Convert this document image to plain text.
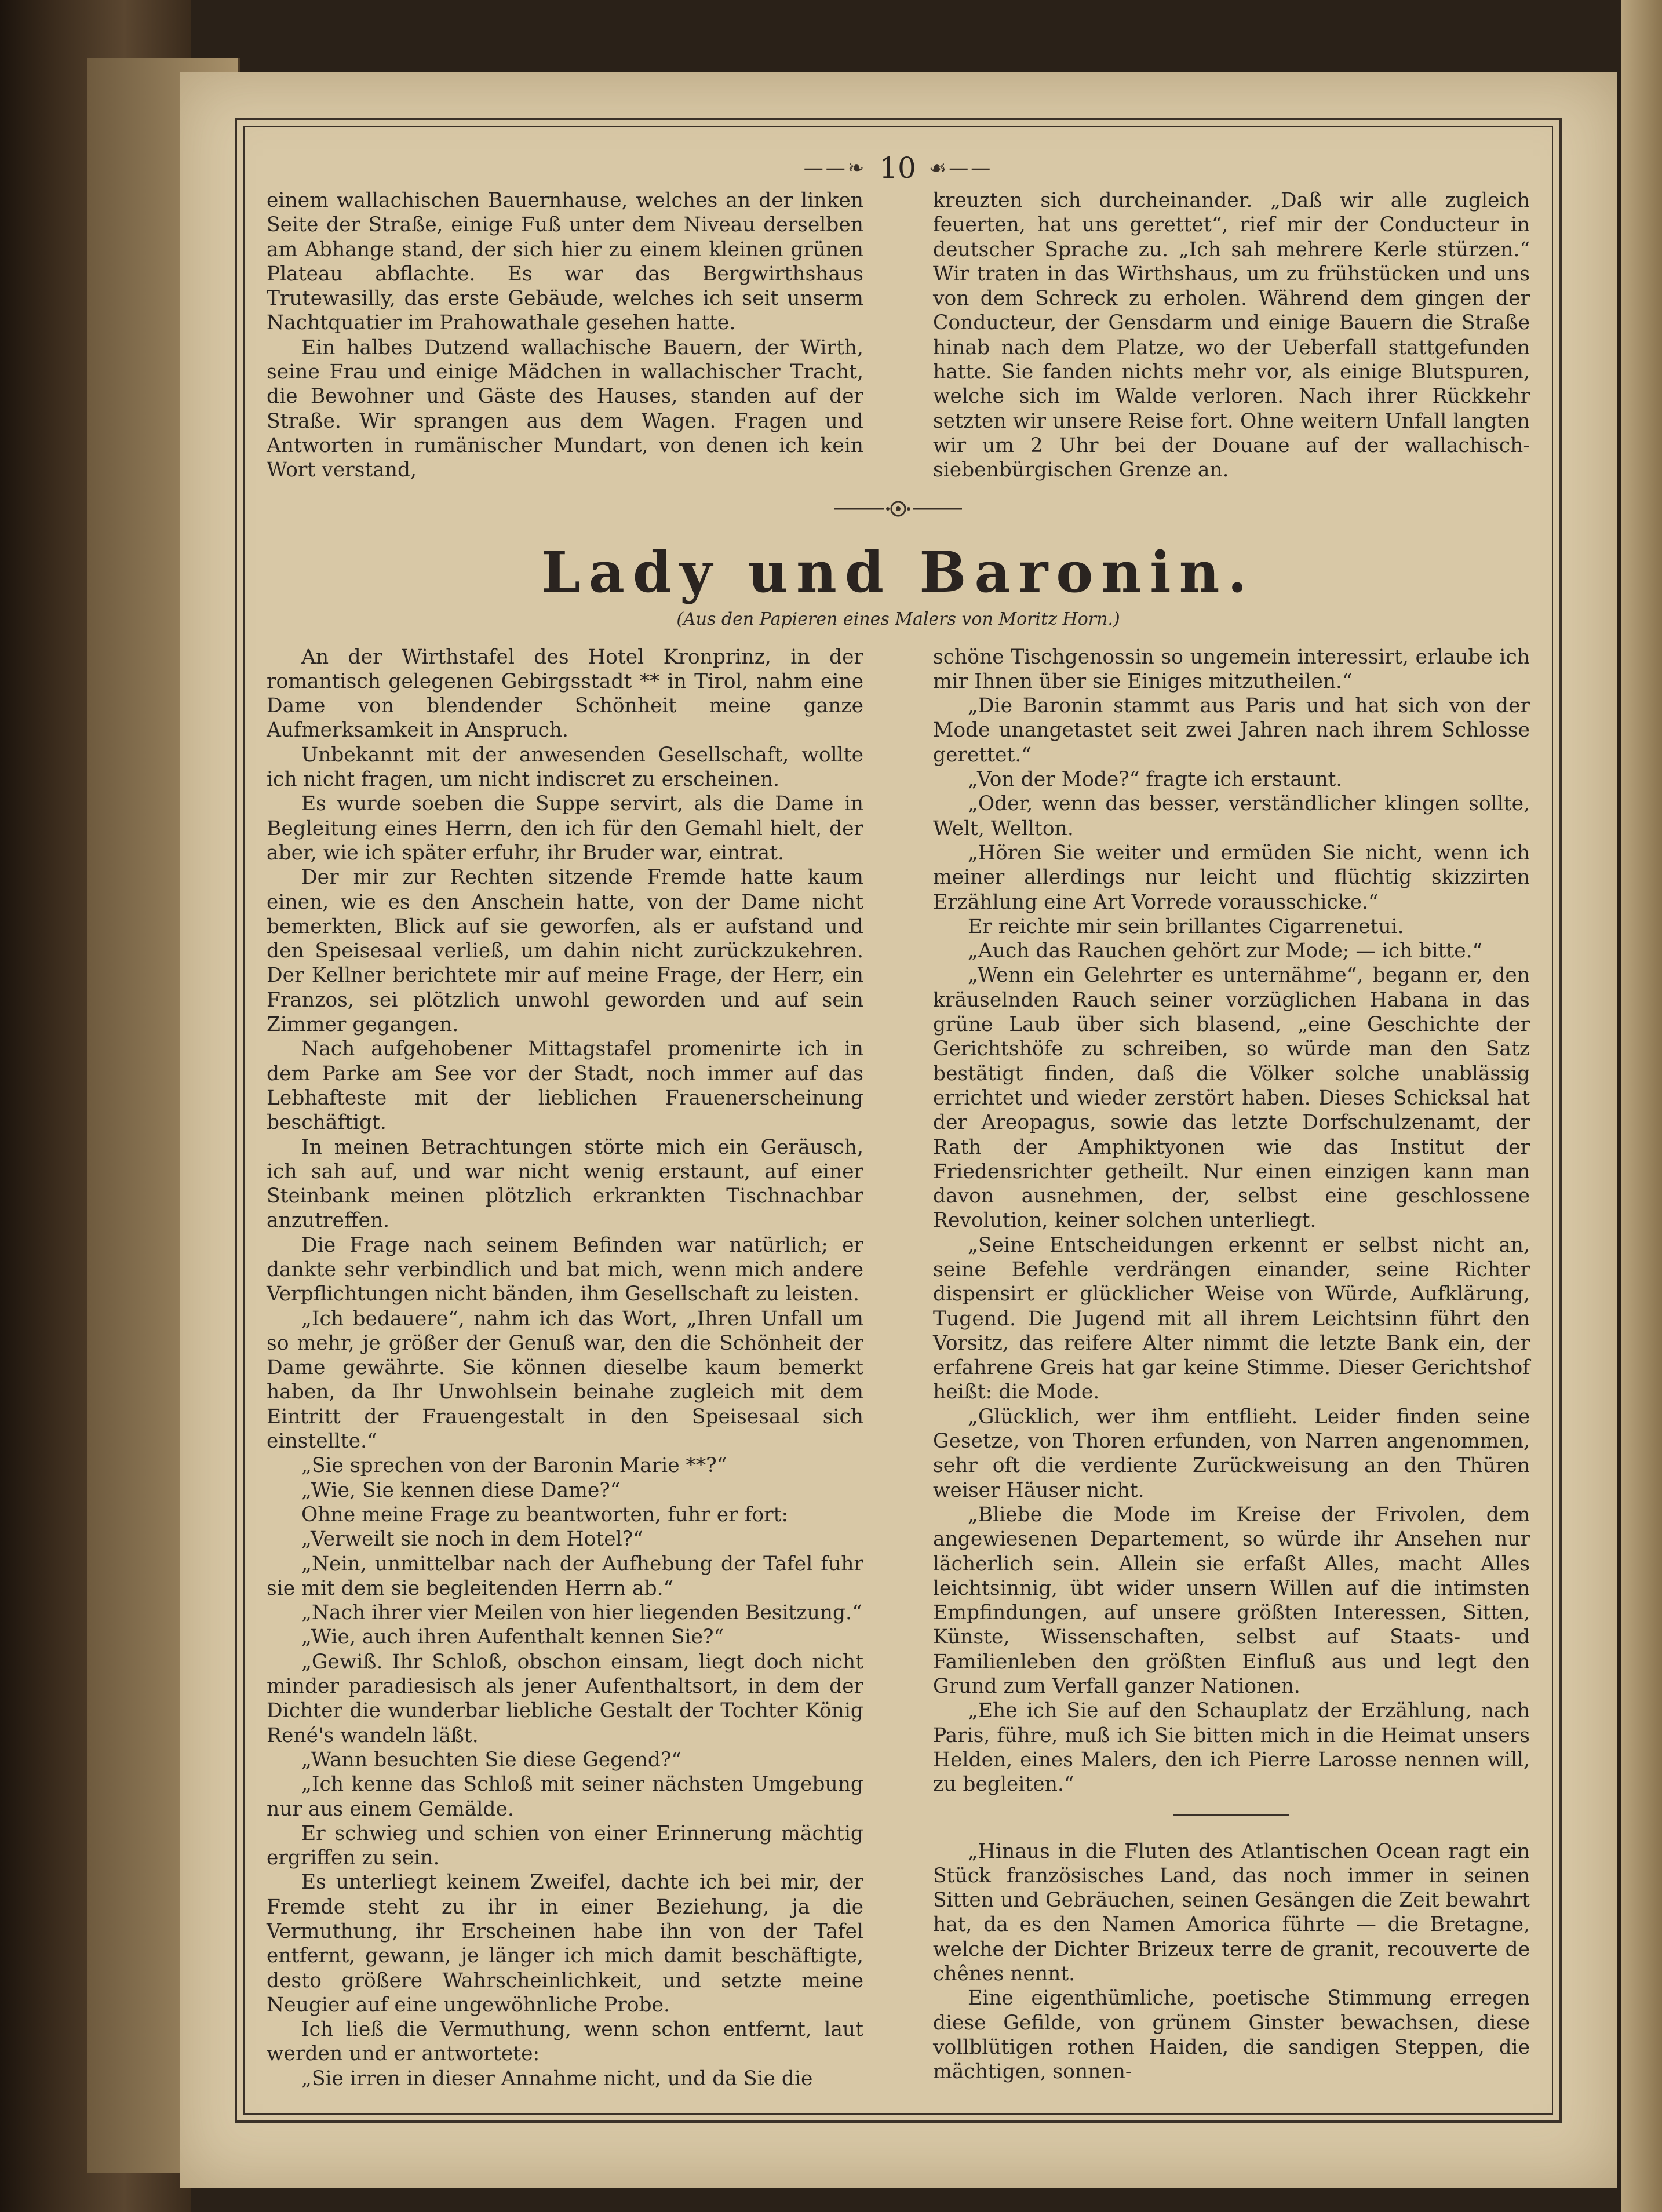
——❧ 10 ☙——

einem wallachischen Bauernhause, welches an der linken Seite der Straße, einige Fuß unter dem Niveau derselben am Abhange stand, der sich hier zu einem kleinen grünen Plateau abflachte. Es war das Bergwirthshaus Trutewasilly, das erste Gebäude, welches ich seit unserm Nachtquatier im Prahowathale gesehen hatte.

Ein halbes Dutzend wallachische Bauern, der Wirth, seine Frau und einige Mädchen in wallachischer Tracht, die Bewohner und Gäste des Hauses, standen auf der Straße. Wir sprangen aus dem Wagen. Fragen und Antworten in rumänischer Mundart, von denen ich kein Wort verstand,

kreuzten sich durcheinander. „Daß wir alle zugleich feuerten, hat uns gerettet“, rief mir der Conducteur in deutscher Sprache zu. „Ich sah mehrere Kerle stürzen.“ Wir traten in das Wirthshaus, um zu frühstücken und uns von dem Schreck zu erholen. Während dem gingen der Conducteur, der Gensdarm und einige Bauern die Straße hinab nach dem Platze, wo der Ueberfall stattgefunden hatte. Sie fanden nichts mehr vor, als einige Blutspuren, welche sich im Walde verloren. Nach ihrer Rückkehr setzten wir unsere Reise fort. Ohne weitern Unfall langten wir um 2 Uhr bei der Douane auf der wallachisch-siebenbürgischen Grenze an.

Lady und Baronin.
(Aus den Papieren eines Malers von Moritz Horn.)

An der Wirthstafel des Hotel Kronprinz, in der romantisch gelegenen Gebirgsstadt ** in Tirol, nahm eine Dame von blendender Schönheit meine ganze Aufmerksamkeit in Anspruch.

Unbekannt mit der anwesenden Gesellschaft, wollte ich nicht fragen, um nicht indiscret zu erscheinen.

Es wurde soeben die Suppe servirt, als die Dame in Begleitung eines Herrn, den ich für den Gemahl hielt, der aber, wie ich später erfuhr, ihr Bruder war, eintrat.

Der mir zur Rechten sitzende Fremde hatte kaum einen, wie es den Anschein hatte, von der Dame nicht bemerkten, Blick auf sie geworfen, als er aufstand und den Speisesaal verließ, um dahin nicht zurückzukehren. Der Kellner berichtete mir auf meine Frage, der Herr, ein Franzos, sei plötzlich unwohl geworden und auf sein Zimmer gegangen.

Nach aufgehobener Mittagstafel promenirte ich in dem Parke am See vor der Stadt, noch immer auf das Lebhafteste mit der lieblichen Frauenerscheinung beschäftigt.

In meinen Betrachtungen störte mich ein Geräusch, ich sah auf, und war nicht wenig erstaunt, auf einer Steinbank meinen plötzlich erkrankten Tischnachbar anzutreffen.

Die Frage nach seinem Befinden war natürlich; er dankte sehr verbindlich und bat mich, wenn mich andere Verpflichtungen nicht bänden, ihm Gesellschaft zu leisten.

„Ich bedauere“, nahm ich das Wort, „Ihren Unfall um so mehr, je größer der Genuß war, den die Schönheit der Dame gewährte. Sie können dieselbe kaum bemerkt haben, da Ihr Unwohlsein beinahe zugleich mit dem Eintritt der Frauengestalt in den Speisesaal sich einstellte.“

„Sie sprechen von der Baronin Marie **?“

„Wie, Sie kennen diese Dame?“

Ohne meine Frage zu beantworten, fuhr er fort:

„Verweilt sie noch in dem Hotel?“

„Nein, unmittelbar nach der Aufhebung der Tafel fuhr sie mit dem sie begleitenden Herrn ab.“

„Nach ihrer vier Meilen von hier liegenden Besitzung.“

„Wie, auch ihren Aufenthalt kennen Sie?“

„Gewiß. Ihr Schloß, obschon einsam, liegt doch nicht minder paradiesisch als jener Aufenthaltsort, in dem der Dichter die wunderbar liebliche Gestalt der Tochter König René's wandeln läßt.

„Wann besuchten Sie diese Gegend?“

„Ich kenne das Schloß mit seiner nächsten Umgebung nur aus einem Gemälde.

Er schwieg und schien von einer Erinnerung mächtig ergriffen zu sein.

Es unterliegt keinem Zweifel, dachte ich bei mir, der Fremde steht zu ihr in einer Beziehung, ja die Vermuthung, ihr Erscheinen habe ihn von der Tafel entfernt, gewann, je länger ich mich damit beschäftigte, desto größere Wahrscheinlichkeit, und setzte meine Neugier auf eine ungewöhnliche Probe.

Ich ließ die Vermuthung, wenn schon entfernt, laut werden und er antwortete:

„Sie irren in dieser Annahme nicht, und da Sie die

schöne Tischgenossin so ungemein interessirt, erlaube ich mir Ihnen über sie Einiges mitzutheilen.“

„Die Baronin stammt aus Paris und hat sich von der Mode unangetastet seit zwei Jahren nach ihrem Schlosse gerettet.“

„Von der Mode?“ fragte ich erstaunt.

„Oder, wenn das besser, verständlicher klingen sollte, Welt, Wellton.

„Hören Sie weiter und ermüden Sie nicht, wenn ich meiner allerdings nur leicht und flüchtig skizzirten Erzählung eine Art Vorrede vorausschicke.“

Er reichte mir sein brillantes Cigarrenetui.

„Auch das Rauchen gehört zur Mode; — ich bitte.“

„Wenn ein Gelehrter es unternähme“, begann er, den kräuselnden Rauch seiner vorzüglichen Habana in das grüne Laub über sich blasend, „eine Geschichte der Gerichtshöfe zu schreiben, so würde man den Satz bestätigt finden, daß die Völker solche unablässig errichtet und wieder zerstört haben. Dieses Schicksal hat der Areopagus, sowie das letzte Dorfschulzenamt, der Rath der Amphiktyonen wie das Institut der Friedensrichter getheilt. Nur einen einzigen kann man davon ausnehmen, der, selbst eine geschlossene Revolution, keiner solchen unterliegt.

„Seine Entscheidungen erkennt er selbst nicht an, seine Befehle verdrängen einander, seine Richter dispensirt er glücklicher Weise von Würde, Aufklärung, Tugend. Die Jugend mit all ihrem Leichtsinn führt den Vorsitz, das reifere Alter nimmt die letzte Bank ein, der erfahrene Greis hat gar keine Stimme. Dieser Gerichtshof heißt: die Mode.

„Glücklich, wer ihm entflieht. Leider finden seine Gesetze, von Thoren erfunden, von Narren angenommen, sehr oft die verdiente Zurückweisung an den Thüren weiser Häuser nicht.

„Bliebe die Mode im Kreise der Frivolen, dem angewiesenen Departement, so würde ihr Ansehen nur lächerlich sein. Allein sie erfaßt Alles, macht Alles leichtsinnig, übt wider unsern Willen auf die intimsten Empfindungen, auf unsere größten Interessen, Sitten, Künste, Wissenschaften, selbst auf Staats- und Familienleben den größten Einfluß aus und legt den Grund zum Verfall ganzer Nationen.

„Ehe ich Sie auf den Schauplatz der Erzählung, nach Paris, führe, muß ich Sie bitten mich in die Heimat unsers Helden, eines Malers, den ich Pierre Larosse nennen will, zu begleiten.“

„Hinaus in die Fluten des Atlantischen Ocean ragt ein Stück französisches Land, das noch immer in seinen Sitten und Gebräuchen, seinen Gesängen die Zeit bewahrt hat, da es den Namen Amorica führte — die Bretagne, welche der Dichter Brizeux terre de granit, recouverte de chênes nennt.

Eine eigenthümliche, poetische Stimmung erregen diese Gefilde, von grünem Ginster bewachsen, diese vollblütigen rothen Haiden, die sandigen Steppen, die mächtigen, sonnen-
